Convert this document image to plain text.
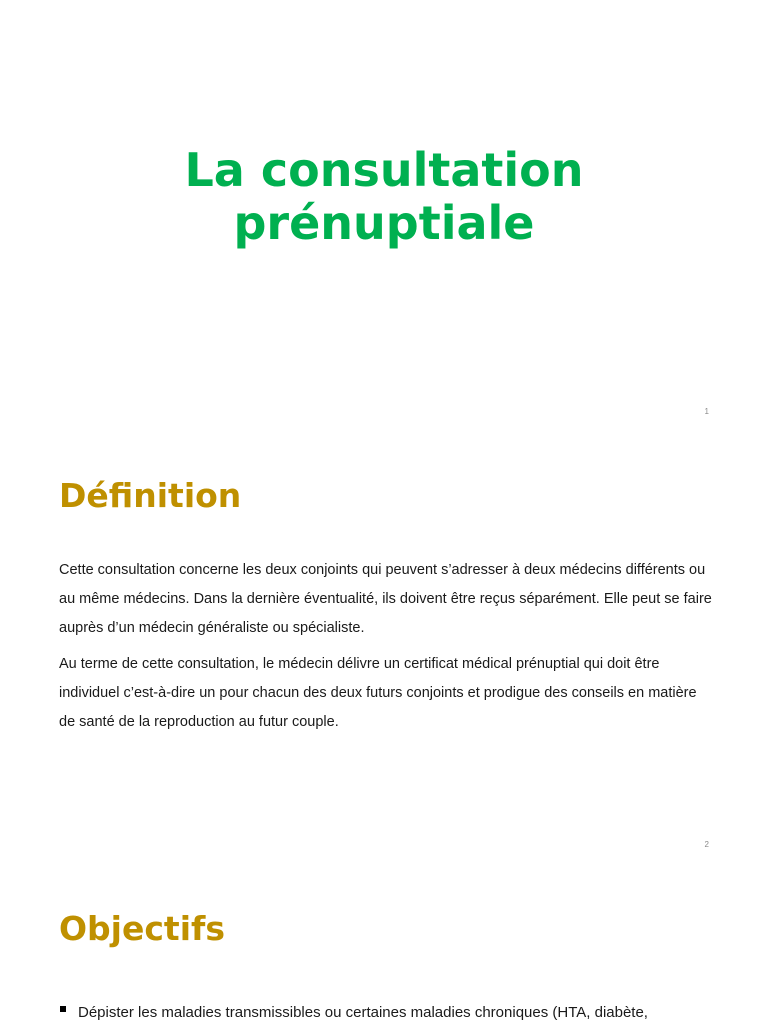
La consultation
prénuptiale
1
Définition

Cette consultation concerne les deux conjoints qui peuvent s’adresser à deux médecins différents ou au même médecins. Dans la dernière éventualité, ils doivent être reçus séparément. Elle peut se faire auprès d’un médecin généraliste ou spécialiste.

Au terme de cette consultation, le médecin délivre un certificat médical prénuptial qui doit être individuel c’est-à-dire un pour chacun des deux futurs conjoints et prodigue des conseils en matière de santé de la reproduction au futur couple.

2
Objectifs
Dépister les maladies transmissibles ou certaines maladies chroniques (HTA, diabète,
